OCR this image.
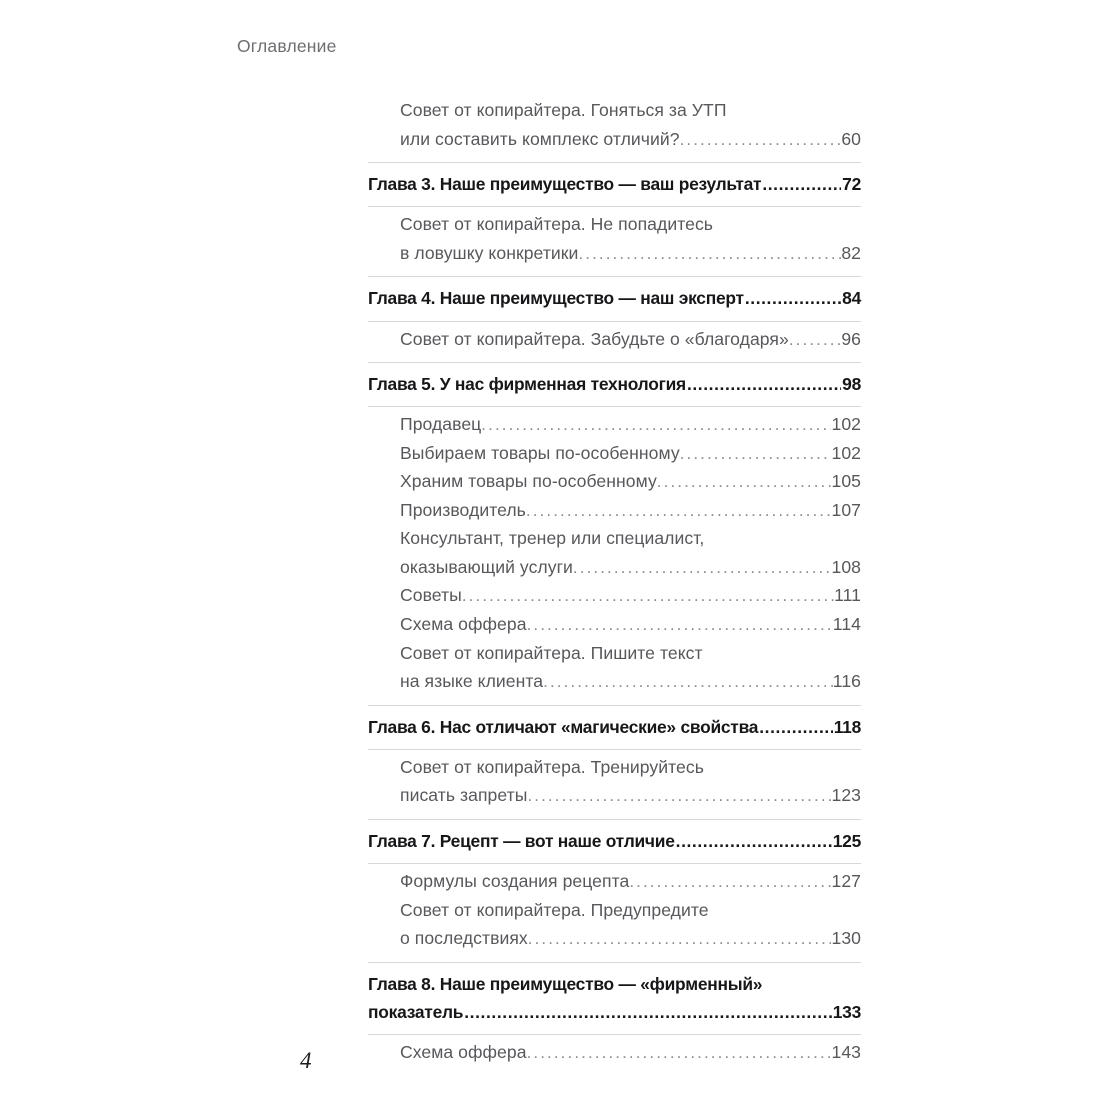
Оглавление
Совет от копирайтера. Гоняться за УТП
или составить комплекс отличий? .....	60
Глава 3. Наше преимущество — ваш результат .....	72
Совет от копирайтера. Не попадитесь
в ловушку конкретики .....	82
Глава 4. Наше преимущество — наш эксперт .....	84
Совет от копирайтера. Забудьте о «благодаря» .....	96
Глава 5. У нас фирменная технология .....	98
Продавец .....	102
Выбираем товары по-особенному .....	102
Храним товары по-особенному .....	105
Производитель .....	107
Консультант, тренер или специалист,
оказывающий услуги .....	108
Советы .....	111
Схема оффера .....	114
Совет от копирайтера. Пишите текст
на языке клиента .....	116
Глава 6. Нас отличают «магические» свойства .....	118
Совет от копирайтера. Тренируйтесь
писать запреты .....	123
Глава 7. Рецепт — вот наше отличие .....	125
Формулы создания рецепта .....	127
Совет от копирайтера. Предупредите
о последствиях .....	130
Глава 8. Наше преимущество — «фирменный»
показатель .....	133
Схема оффера .....	143
4
